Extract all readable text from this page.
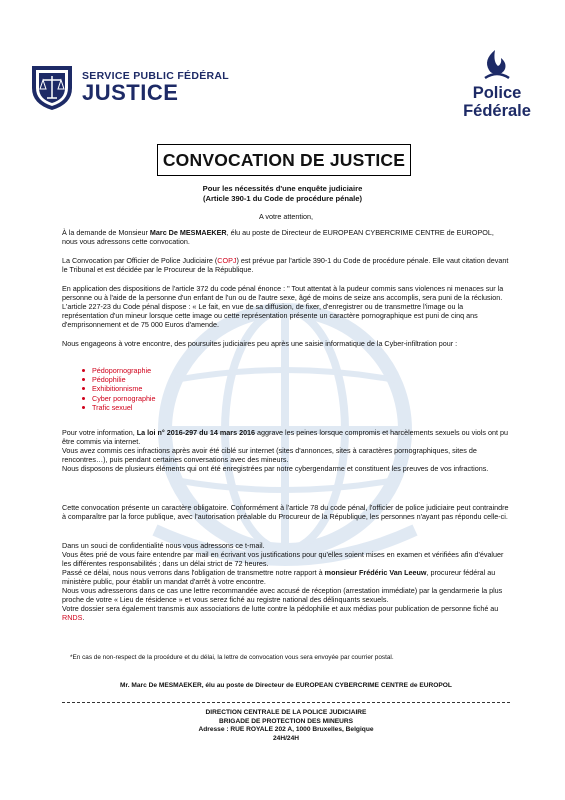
SERVICE PUBLIC FÉDÉRAL
JUSTICE	Police
Fédérale
CONVOCATION DE JUSTICE
Pour les nécessités d'une enquête judiciaire
(Article 390-1 du Code de procédure pénale)
A votre attention,

À la demande de Monsieur Marc De MESMAEKER, élu au poste de Directeur de EUROPEAN CYBERCRIME CENTRE de EUROPOL, nous vous adressons cette convocation.

La Convocation par Officier de Police Judiciaire (COPJ) est prévue par l'article 390-1 du Code de procédure pénale. Elle vaut citation devant le Tribunal et est décidée par le Procureur de la République.

En application des dispositions de l'article 372 du code pénal énonce : " Tout attentat à la pudeur commis sans violences ni menaces sur la personne ou à l'aide de la personne d'un enfant de l'un ou de l'autre sexe, âgé de moins de seize ans accomplis, sera puni de la réclusion.
L'article 227-23 du Code pénal dispose : « Le fait, en vue de sa diffusion, de fixer, d'enregistrer ou de transmettre l'image ou la représentation d'un mineur lorsque cette image ou cette représentation présente un caractère pornographique est puni de cinq ans d'emprisonnement et de 75 000 Euros d'amende.

Nous engageons à votre encontre, des poursuites judiciaires peu après une saisie informatique de la Cyber-infiltration pour :

Pédopornographie
Pédophilie
Exhibitionnisme
Cyber pornographie
Trafic sexuel

Pour votre information, La loi n° 2016-297 du 14 mars 2016 aggrave les peines lorsque compromis et harcèlements sexuels ou viols ont pu être commis via internet.
Vous avez commis ces infractions après avoir été ciblé sur internet (sites d'annonces, sites à caractères pornographiques, sites de rencontres…), puis pendant certaines conversations avec des mineurs.
Nous disposons de plusieurs éléments qui ont été enregistrées par notre cybergendarme et constituent les preuves de vos infractions.

Cette convocation présente un caractère obligatoire. Conformément à l'article 78 du code pénal, l'officier de police judiciaire peut contraindre à comparaître par la force publique, avec l'autorisation préalable du Procureur de la République, les personnes n'ayant pas répondu celle-ci.

Dans un souci de confidentialité nous vous adressons ce t-mail.
Vous êtes prié de vous faire entendre par mail en écrivant vos justifications pour qu'elles soient mises en examen et vérifiées afin d'évaluer les différentes responsabilités ; dans un délai strict de 72 heures.
Passé ce délai, nous nous verrons dans l'obligation de transmettre notre rapport à monsieur Frédéric Van Leeuw, procureur fédéral au ministère public, pour établir un mandat d'arrêt à votre encontre.
Nous vous adresserons dans ce cas une lettre recommandée avec accusé de réception (arrestation immédiate) par la gendarmerie la plus proche de votre « Lieu de résidence » et vous serez fiché au registre national des délinquants sexuels.
Votre dossier sera également transmis aux associations de lutte contre la pédophilie et aux médias pour publication de personne fiché au RNDS.

*En cas de non-respect de la procédure et du délai, la lettre de convocation vous sera envoyée par courrier postal.
Mr. Marc De MESMAEKER, élu au poste de Directeur de EUROPEAN CYBERCRIME CENTRE de EUROPOL
DIRECTION CENTRALE DE LA POLICE JUDICIAIRE
BRIGADE DE PROTECTION DES MINEURS
Adresse : RUE ROYALE 202 A, 1000 Bruxelles, Belgique
24H/24H
